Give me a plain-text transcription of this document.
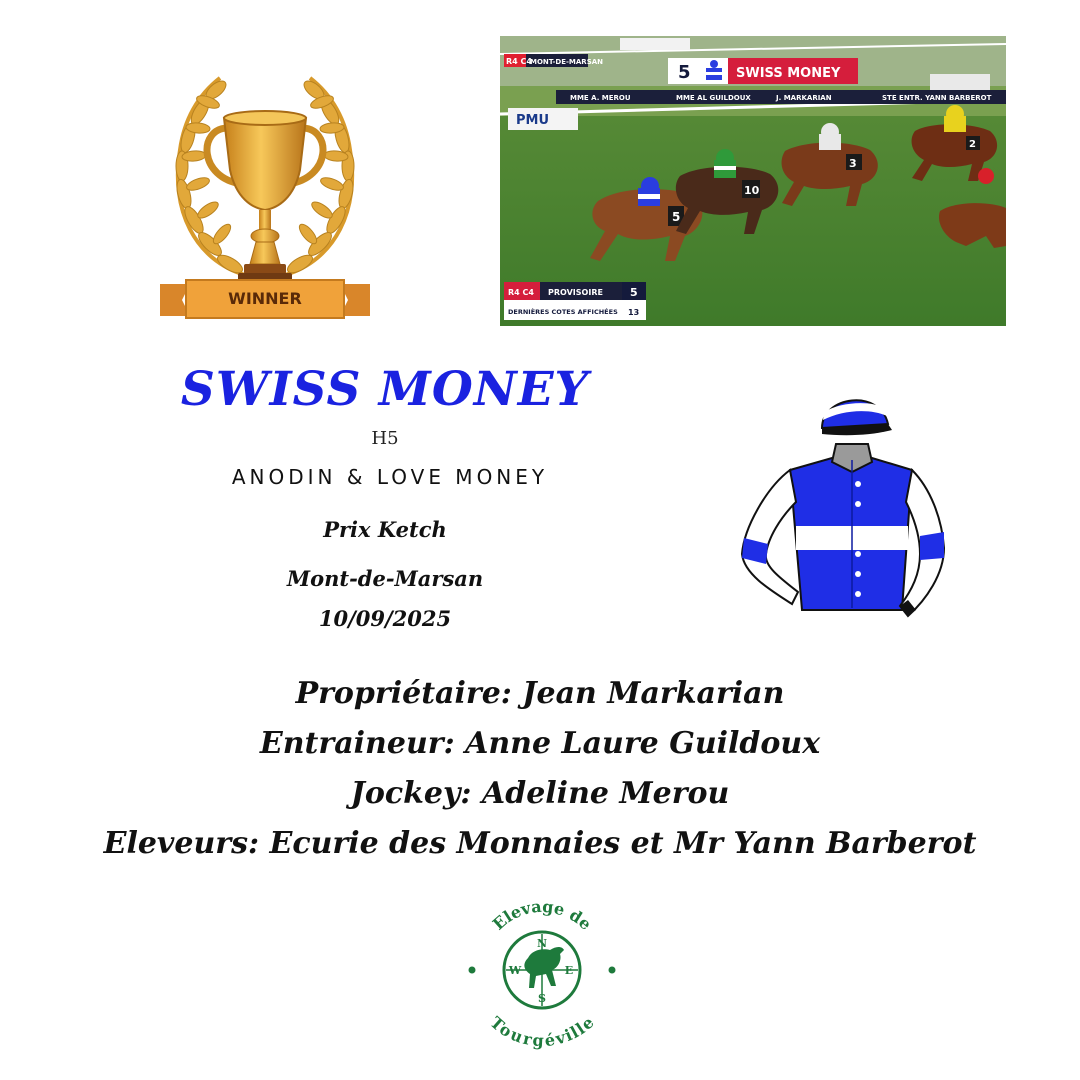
WINNER
PMU
5
10
3
2
R4 C4
MONT-DE-MARSAN	5	SWISS MONEY
MME A. MEROU	MME AL GUILDOUX	J. MARKARIAN	STE ENTR. YANN BARBEROT
R4 C4 PROVISOIRE 5
DERNIÈRES COTES AFFICHÉES 13

SWISS MONEY

H5

ANODIN & LOVE MONEY

Prix Ketch

Mont-de-Marsan

10/09/2025

Propriétaire: Jean Markarian

Entraineur: Anne Laure Guildoux

Jockey: Adeline Merou

Eleveurs: Ecurie des Monnaies et Mr Yann Barberot

Elevage de
Tourgéville
N
E
S
W
